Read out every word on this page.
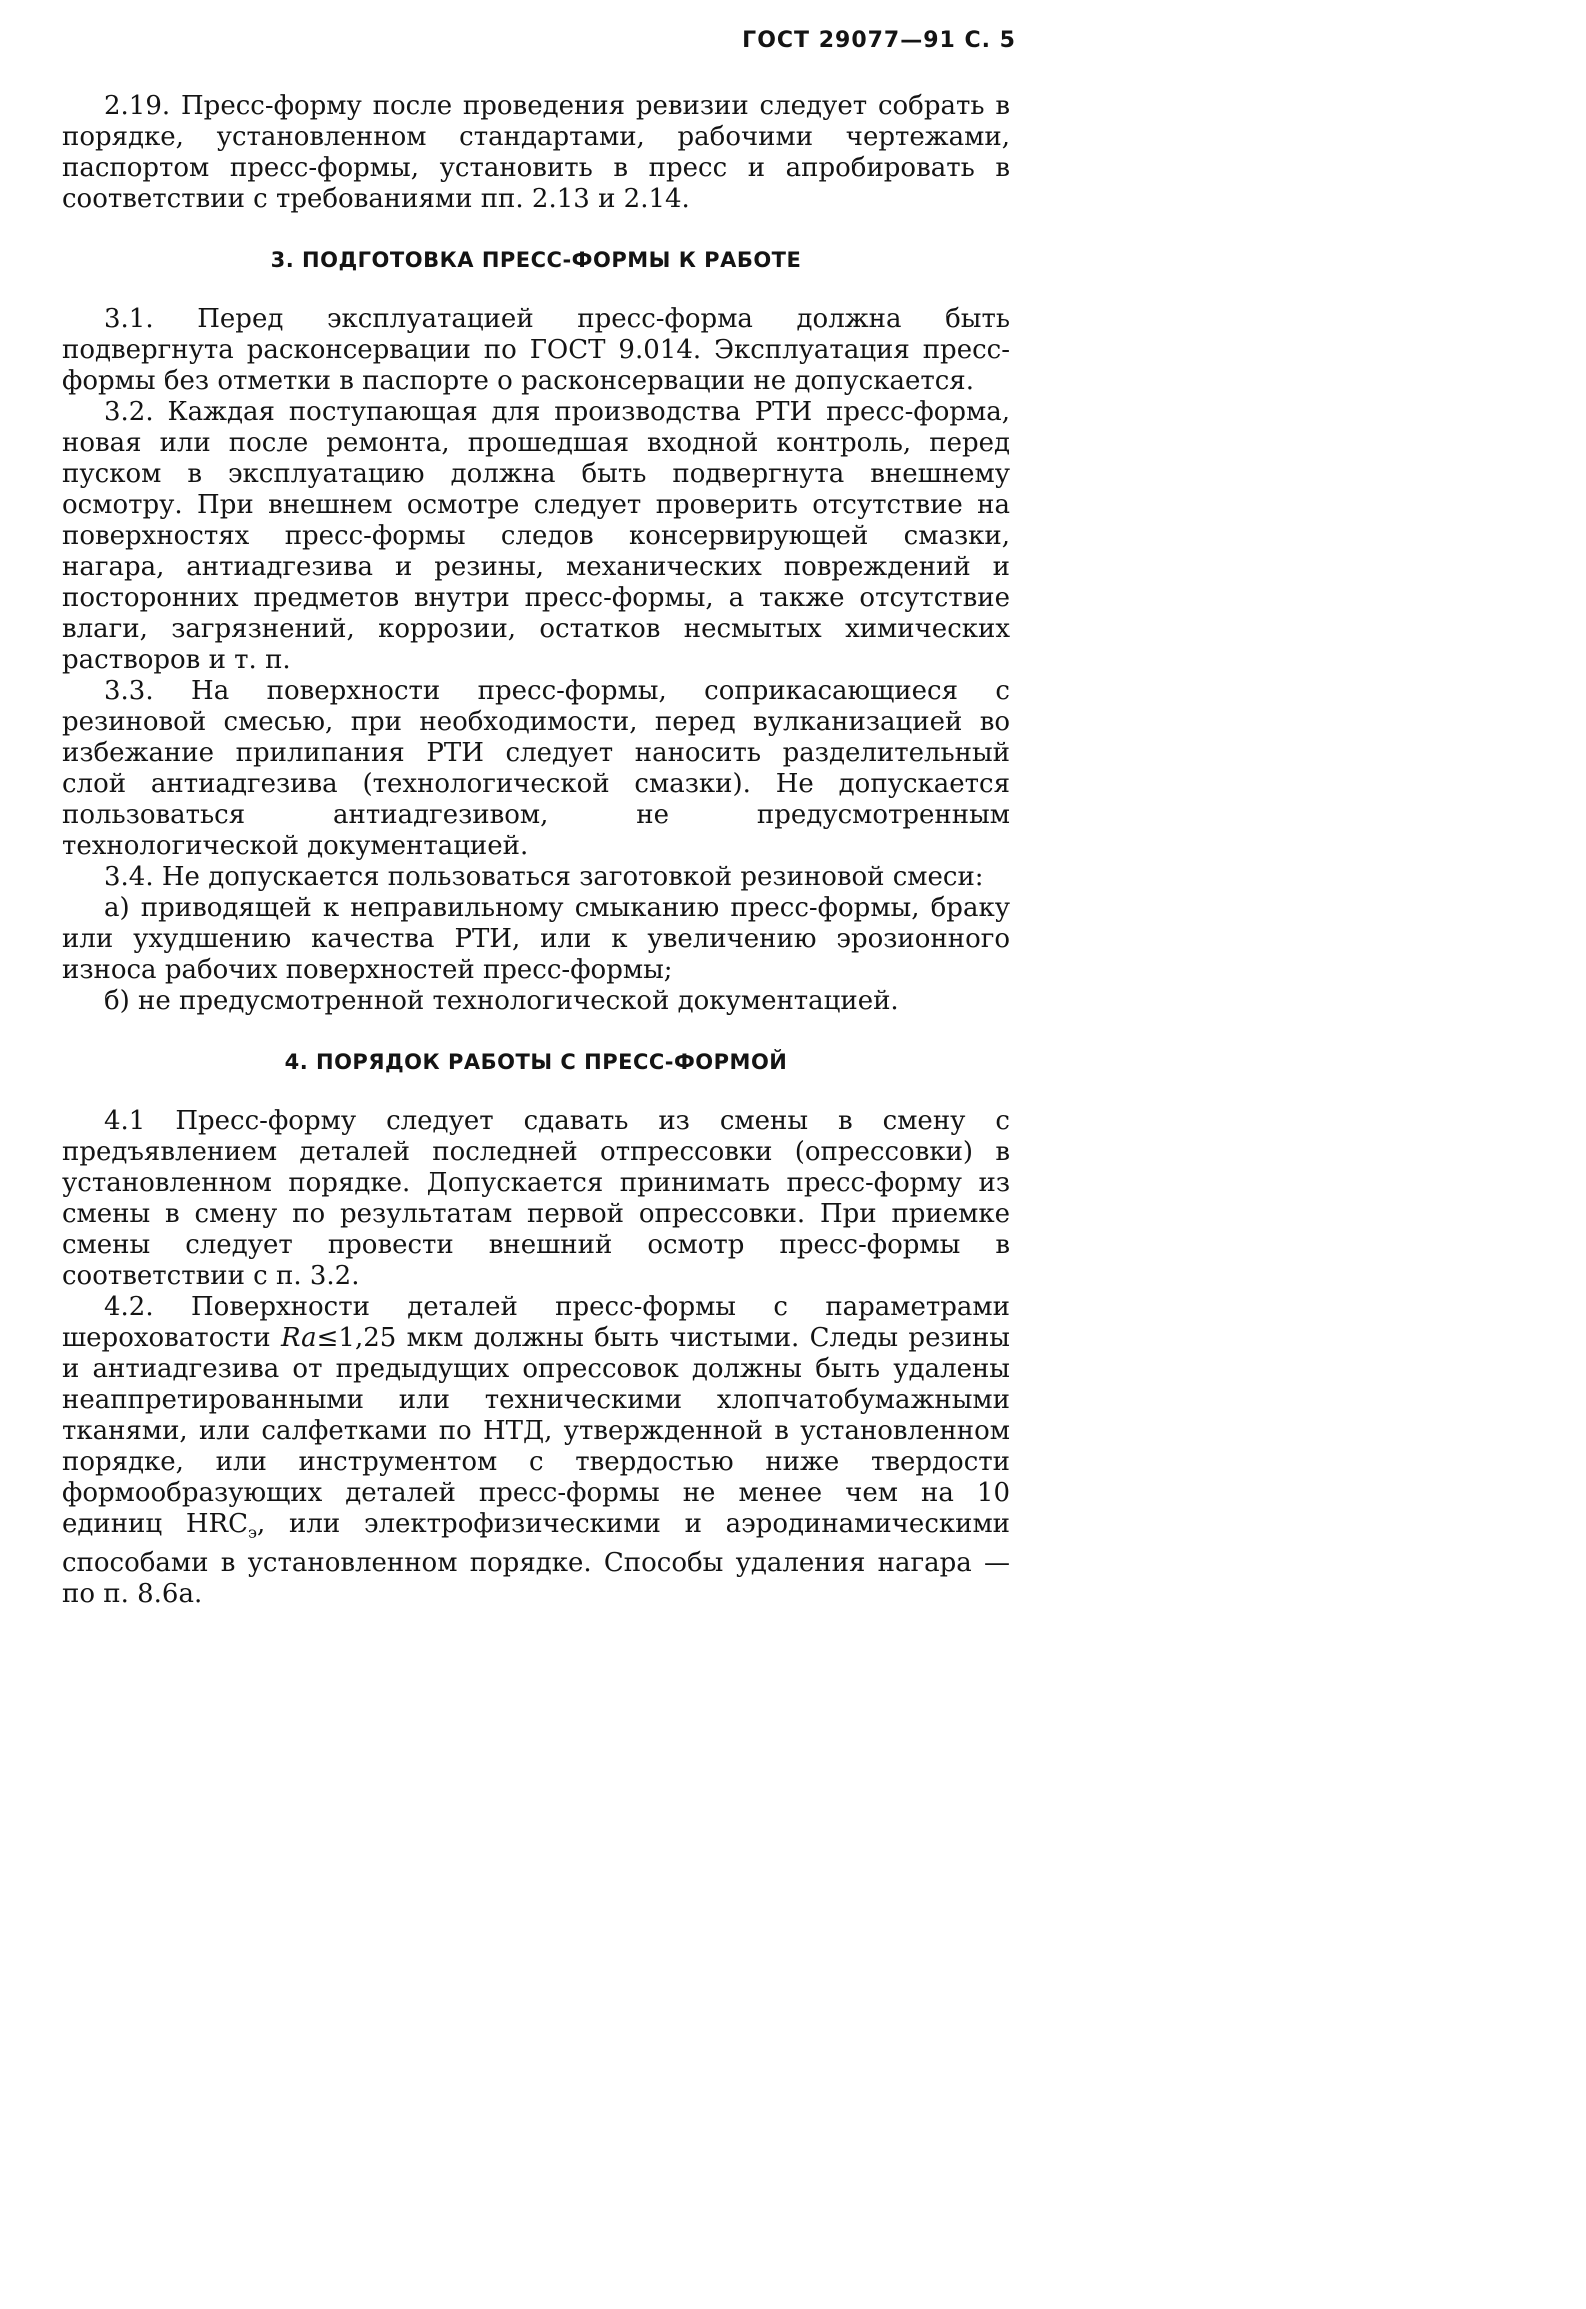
ГОСТ 29077—91 С. 5

2.19. Пресс-форму после проведения ревизии следует собрать в порядке, установленном стандартами, рабочими чертежами, паспортом пресс-формы, установить в пресс и апробировать в соответствии с требованиями пп. 2.13 и 2.14.

3. ПОДГОТОВКА ПРЕСС-ФОРМЫ К РАБОТЕ

3.1. Перед эксплуатацией пресс-форма должна быть подвергнута расконсервации по ГОСТ 9.014. Эксплуатация пресс-формы без отметки в паспорте о расконсервации не допускается.

3.2. Каждая поступающая для производства РТИ пресс-форма, новая или после ремонта, прошедшая входной контроль, перед пуском в эксплуатацию должна быть подвергнута внешнему осмотру. При внешнем осмотре следует проверить отсутствие на поверхностях пресс-формы следов консервирующей смазки, нагара, антиадгезива и резины, механических повреждений и посторонних предметов внутри пресс-формы, а также отсутствие влаги, загрязнений, коррозии, остатков несмытых химических растворов и т. п.

3.3. На поверхности пресс-формы, соприкасающиеся с резиновой смесью, при необходимости, перед вулканизацией во избежание прилипания РТИ следует наносить разделительный слой антиадгезива (технологической смазки). Не допускается пользоваться антиадгезивом, не предусмотренным технологической документацией.

3.4. Не допускается пользоваться заготовкой резиновой смеси:

а) приводящей к неправильному смыканию пресс-формы, браку или ухудшению качества РТИ, или к увеличению эрозионного износа рабочих поверхностей пресс-формы;

б) не предусмотренной технологической документацией.

4. ПОРЯДОК РАБОТЫ С ПРЕСС-ФОРМОЙ

4.1 Пресс-форму следует сдавать из смены в смену с предъявлением деталей последней отпрессовки (опрессовки) в установленном порядке. Допускается принимать пресс-форму из смены в смену по результатам первой опрессовки. При приемке смены следует провести внешний осмотр пресс-формы в соответствии с п. 3.2.

4.2. Поверхности деталей пресс-формы с параметрами шероховатости Ra≤1,25 мкм должны быть чистыми. Следы резины и антиадгезива от предыдущих опрессовок должны быть удалены неаппретированными или техническими хлопчатобумажными тканями, или салфетками по НТД, утвержденной в установленном порядке, или инструментом с твердостью ниже твердости формообразующих деталей пресс-формы не менее чем на 10 единиц $HRC_э$, или электрофизическими и аэродинамическими способами в установленном порядке. Способы удаления нагара — по п. 8.6а.
